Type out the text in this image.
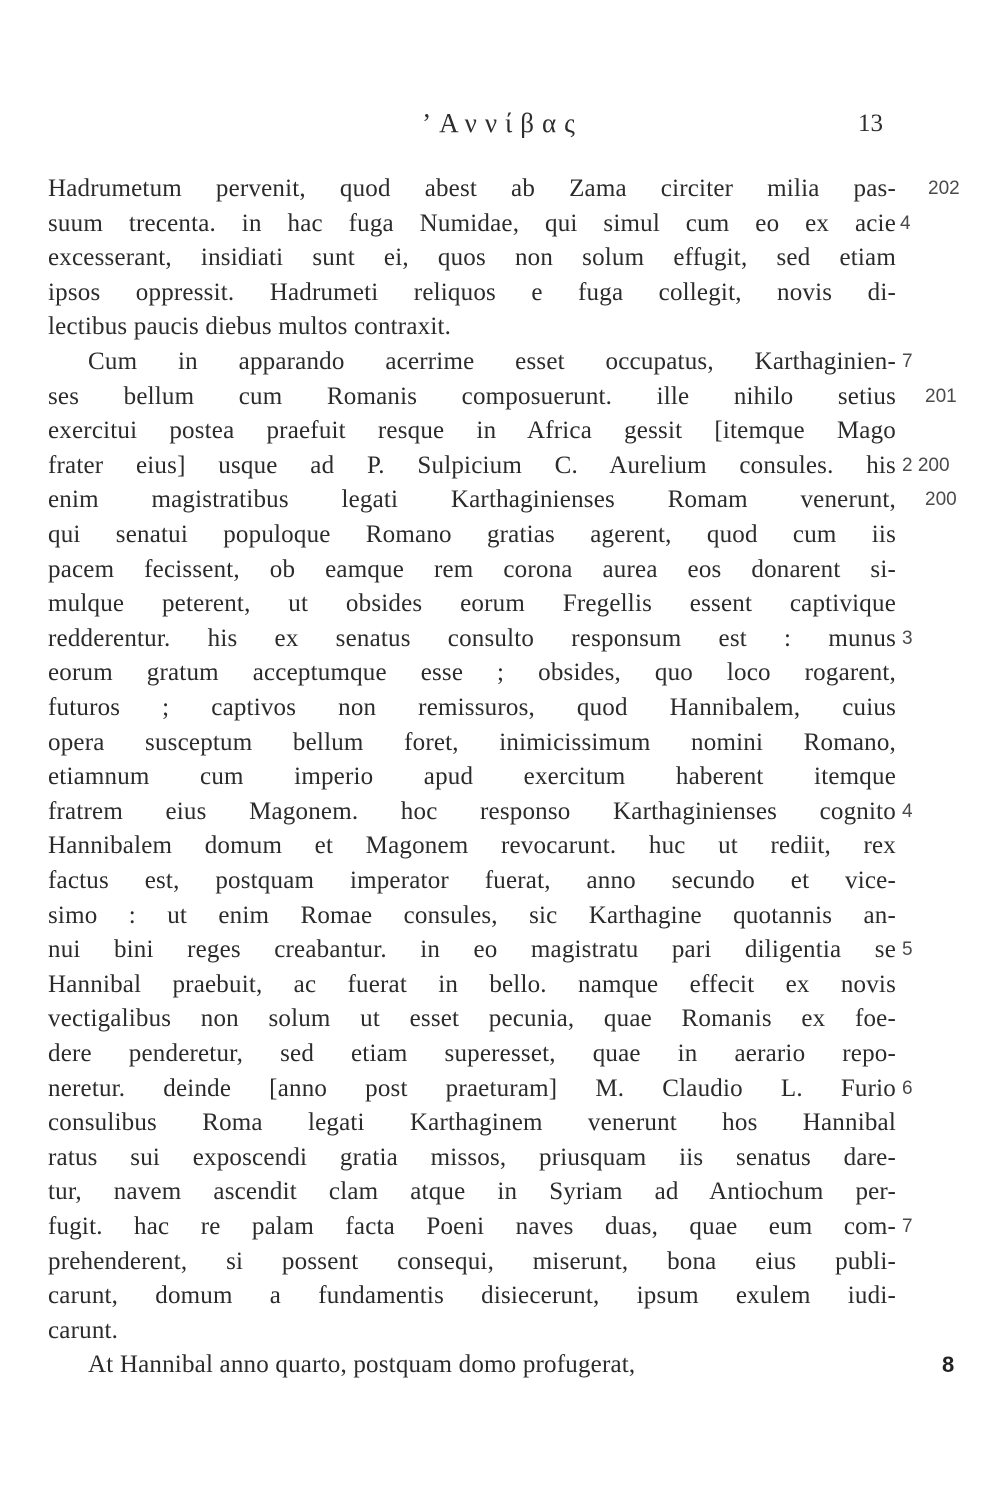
’Αννίβας	13
Hadrumetum pervenit, quod abest ab Zama circiter milia pas-
suum trecenta. in hac fuga Numidae, qui simul cum eo ex acie
excesserant, insidiati sunt ei, quos non solum effugit, sed etiam
ipsos oppressit. Hadrumeti reliquos e fuga collegit, novis di-
lectibus paucis diebus multos contraxit.
Cum in apparando acerrime esset occupatus, Karthaginien-
ses bellum cum Romanis composuerunt. ille nihilo setius
exercitui postea praefuit resque in Africa gessit [itemque Mago
frater eius] usque ad P. Sulpicium C. Aurelium consules. his
enim magistratibus legati Karthaginienses Romam venerunt,
qui senatui populoque Romano gratias agerent, quod cum iis
pacem fecissent, ob eamque rem corona aurea eos donarent si-
mulque peterent, ut obsides eorum Fregellis essent captivique
redderentur. his ex senatus consulto responsum est : munus
eorum gratum acceptumque esse ; obsides, quo loco rogarent,
futuros ; captivos non remissuros, quod Hannibalem, cuius
opera susceptum bellum foret, inimicissimum nomini Romano,
etiamnum cum imperio apud exercitum haberent itemque
fratrem eius Magonem. hoc responso Karthaginienses cognito
Hannibalem domum et Magonem revocarunt. huc ut rediit, rex
factus est, postquam imperator fuerat, anno secundo et vice-
simo : ut enim Romae consules, sic Karthagine quotannis an-
nui bini reges creabantur. in eo magistratu pari diligentia se
Hannibal praebuit, ac fuerat in bello. namque effecit ex novis
vectigalibus non solum ut esset pecunia, quae Romanis ex foe-
dere penderetur, sed etiam superesset, quae in aerario repo-
neretur. deinde [anno post praeturam] M. Claudio L. Furio
consulibus Roma legati Karthaginem venerunt hos Hannibal
ratus sui exposcendi gratia missos, priusquam iis senatus dare-
tur, navem ascendit clam atque in Syriam ad Antiochum per-
fugit. hac re palam facta Poeni naves duas, quae eum com-
prehenderent, si possent consequi, miserunt, bona eius publi-
carunt, domum a fundamentis disiecerunt, ipsum exulem iudi-
carunt.
At Hannibal anno quarto, postquam domo profugerat,
202
4
7
201
2 200
200
3
4
5
6
7
8
